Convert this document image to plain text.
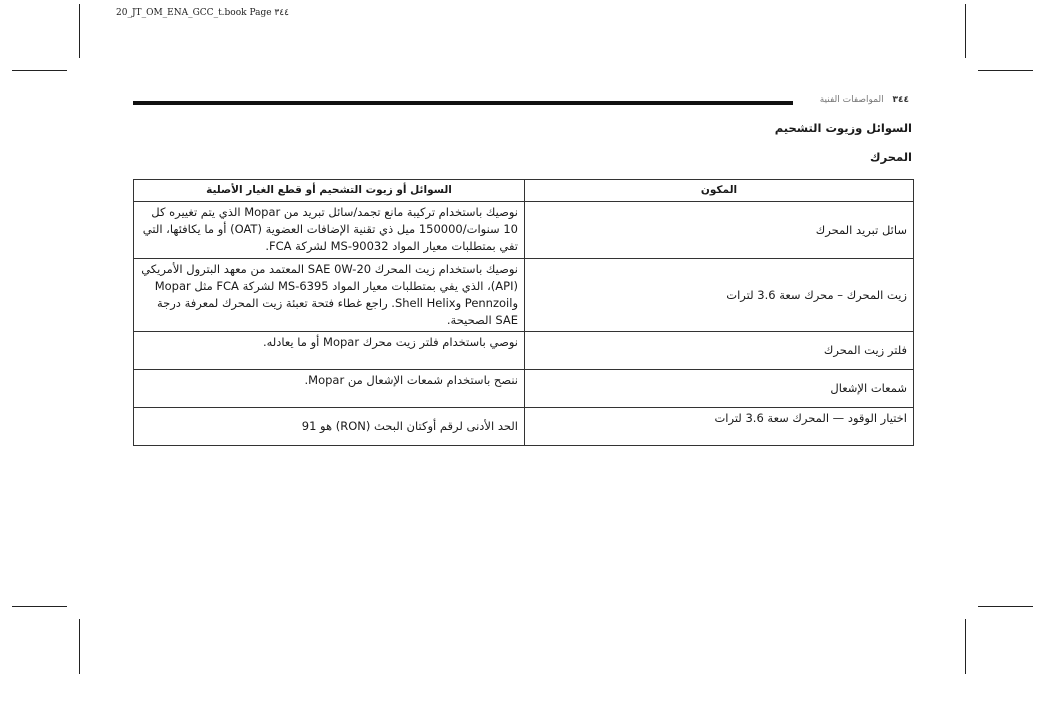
20_JT_OM_ENA_GCC_t.book Page ٣٤٤
٣٤٤ المواصفات الفنية
السوائل وزيوت التشحيم
المحرك
المكون	السوائل أو زيوت التشحيم أو قطع الغيار الأصلية
سائل تبريد المحرك	نوصيك باستخدام تركيبة مانع تجمد/سائل تبريد من Mopar الذي يتم تغييره كل 10 سنوات/150000 ميل ذي تقنية الإضافات العضوية (OAT) أو ما يكافئها، التي تفي بمتطلبات معيار المواد MS-90032 لشركة FCA.
زيت المحرك – محرك سعة 3.6 لترات	نوصيك باستخدام زيت المحرك SAE 0W-20 المعتمد من معهد البترول الأمريكي (API)، الذي يفي بمتطلبات معيار المواد MS-6395 لشركة FCA مثل Mopar وPennzoil وShell Helix. راجع غطاء فتحة تعبئة زيت المحرك لمعرفة درجة SAE الصحيحة.
فلتر زيت المحرك	نوصي باستخدام فلتر زيت محرك Mopar أو ما يعادله.
شمعات الإشعال	ننصح باستخدام شمعات الإشعال من Mopar.
اختيار الوقود — المحرك سعة 3.6 لترات	الحد الأدنى لرقم أوكتان البحث (RON) هو 91
